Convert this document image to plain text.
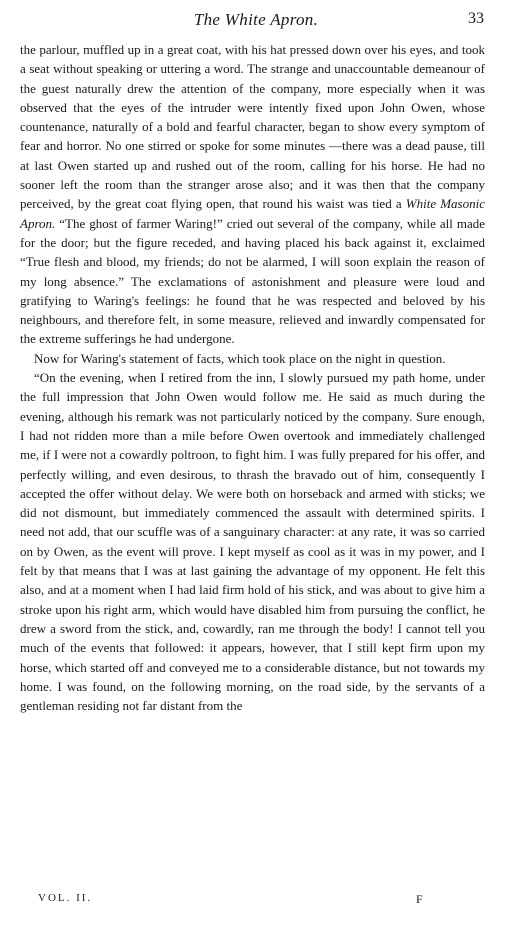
The White Apron.	33

the parlour, muffled up in a great coat, with his hat pressed down over his eyes, and took a seat without speaking or uttering a word. The strange and unaccountable demeanour of the guest naturally drew the attention of the company, more especially when it was observed that the eyes of the intruder were intently fixed upon John Owen, whose countenance, naturally of a bold and fearful character, began to show every symptom of fear and horror. No one stirred or spoke for some minutes —there was a dead pause, till at last Owen started up and rushed out of the room, calling for his horse. He had no sooner left the room than the stranger arose also; and it was then that the company perceived, by the great coat flying open, that round his waist was tied a White Masonic Apron. “The ghost of farmer Waring!” cried out several of the company, while all made for the door; but the figure receded, and having placed his back against it, exclaimed “True flesh and blood, my friends; do not be alarmed, I will soon explain the reason of my long absence.” The exclamations of astonishment and pleasure were loud and gratifying to Waring's feelings: he found that he was respected and beloved by his neighbours, and therefore felt, in some measure, relieved and inwardly compensated for the extreme sufferings he had undergone.

Now for Waring's statement of facts, which took place on the night in question.

“On the evening, when I retired from the inn, I slowly pursued my path home, under the full impression that John Owen would follow me. He said as much during the evening, although his remark was not particularly noticed by the company. Sure enough, I had not ridden more than a mile before Owen overtook and immediately challenged me, if I were not a cowardly poltroon, to fight him. I was fully prepared for his offer, and perfectly willing, and even desirous, to thrash the bravado out of him, consequently I accepted the offer without delay. We were both on horseback and armed with sticks; we did not dismount, but immediately commenced the assault with determined spirits. I need not add, that our scuffle was of a sanguinary character: at any rate, it was so carried on by Owen, as the event will prove. I kept myself as cool as it was in my power, and I felt by that means that I was at last gaining the advantage of my opponent. He felt this also, and at a moment when I had laid firm hold of his stick, and was about to give him a stroke upon his right arm, which would have disabled him from pursuing the conflict, he drew a sword from the stick, and, cowardly, ran me through the body! I cannot tell you much of the events that followed: it appears, however, that I still kept firm upon my horse, which started off and conveyed me to a considerable distance, but not towards my home. I was found, on the following morning, on the road side, by the servants of a gentleman residing not far distant from the

VOL. II.	F
